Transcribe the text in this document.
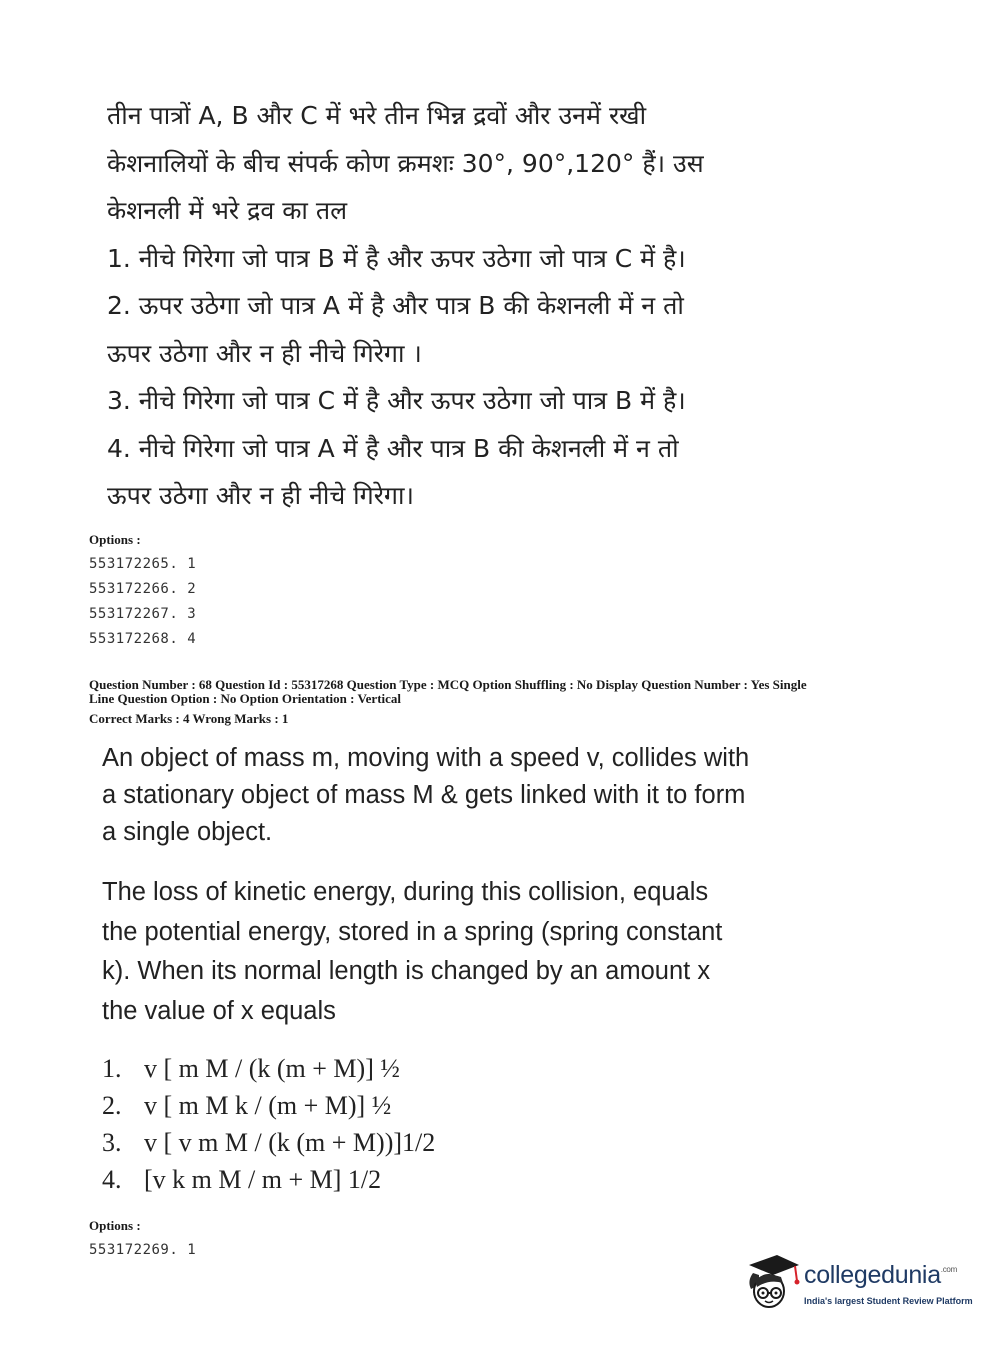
तीन पात्रों A, B और C में भरे तीन भिन्न द्रवों और उनमें रखी
केशनालियों के बीच संपर्क कोण क्रमशः 30°, 90°,120° हैं। उस
केशनली में भरे द्रव का तल
1. नीचे गिरेगा जो पात्र B में है और ऊपर उठेगा जो पात्र C में है।
2. ऊपर उठेगा जो पात्र A में है और पात्र B की केशनली में न तो
ऊपर उठेगा और न ही नीचे गिरेगा ।
3. नीचे गिरेगा जो पात्र C में है और ऊपर उठेगा जो पात्र B में है।
4. नीचे गिरेगा जो पात्र A में है और पात्र B की केशनली में न तो
ऊपर उठेगा और न ही नीचे गिरेगा।
Options :
553172265. 1
553172266. 2
553172267. 3
553172268. 4
Question Number : 68 Question Id : 55317268 Question Type : MCQ Option Shuffling : No Display Question Number : Yes Single
Line Question Option : No Option Orientation : Vertical
Correct Marks : 4 Wrong Marks : 1
An object of mass m, moving with a speed v, collides with
a stationary object of mass M & gets linked with it to form
a single object.
The loss of kinetic energy, during this collision, equals
the potential energy, stored in a spring (spring constant
k). When its normal length is changed by an amount x
the value of x equals
1. v [ m M / (k (m + M)] ½
2. v [ m M k / (m + M)] ½
3. v [ v m M / (k (m + M))]1/2
4. [v k m M / m + M] 1/2
Options :
553172269. 1
collegedunia$^{.com}$
India's largest Student Review Platform
